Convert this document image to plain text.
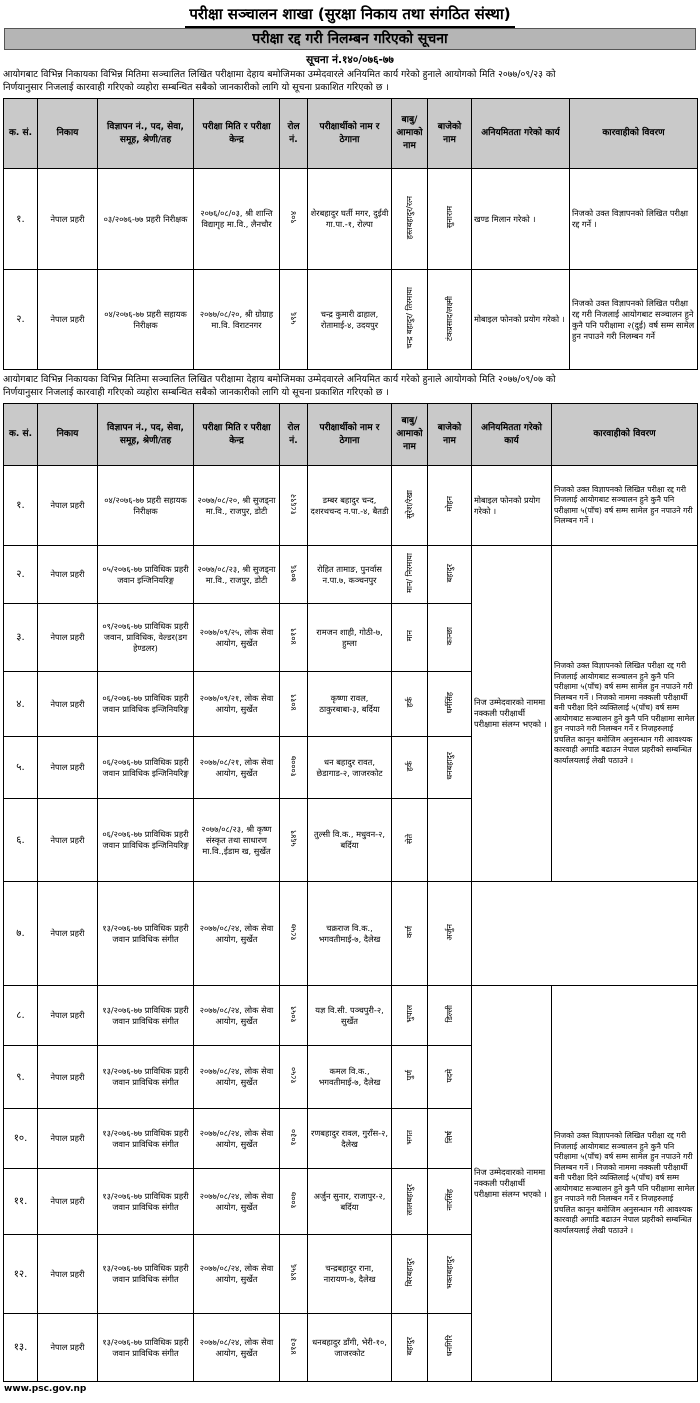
परीक्षा सञ्चालन शाखा (सुरक्षा निकाय तथा संगठित संस्था)
परीक्षा रद्द गरी निलम्बन गरिएको सूचना
सूचना नं.१४०/०७६-७७
आयोगबाट विभिन्न निकायका विभिन्न मितिमा सञ्चालित लिखित परीक्षामा देहाय बमोजिमका उम्मेदवारले अनियमित कार्य गरेको हुनाले आयोगको मिति २०७७/०९/२३ को
निर्णयानुसार निजलाई कारवाही गरिएको व्यहोरा सम्बन्धित सबैको जानकारीको लागि यो सूचना प्रकाशित गरिएको छ ।
क. सं.	निकाय	विज्ञापन नं., पद, सेवा, समूह, श्रेणी/तह	परीक्षा मिति र परीक्षा केन्द्र	रोल नं.	परीक्षार्थीको नाम र ठेगाना	बाबु/ आमाको नाम	बाजेको नाम	अनियमितता गरेको कार्य	कारवाहीको विवरण
१.	नेपाल प्रहरी	०३/२०७६-७७ प्रहरी निरीक्षक	२०७६/०८/०३, श्री शान्ति विद्यागृह मा.वि., लैनचौर	९०४	शेरबहादुर घर्ती मगर, दुईवी गा.पा.-१, रोल्पा	हस्तबहादुर/रत्न	सुनाराम	खण्ड मिलान गरेको ।	निजको उक्त विज्ञापनको लिखित परीक्षा रद्द गर्ने ।
२.	नेपाल प्रहरी	०४/२०७६-७७ प्रहरी सहायक निरीक्षक	२०७७/०८/२०, श्री ग्रोग्राह मा.वि. विराटनगर	५९६	चन्द्र कुमारी ढाहाल, रोतामाई-४, उदयपुर	चन्द्र बहादुर/ तिरमाया	टंकप्रसाद/लक्ष्मी	मोबाइल फोनको प्रयोग गरेको ।	निजको उक्त विज्ञापनको लिखित परीक्षा रद्द गरी निजलाई आयोगबाट सञ्चालन हुने कुनै पनि परीक्षामा २(दुई) वर्ष सम्म सामेल हुन नपाउने गरी निलम्बन गर्ने
आयोगबाट विभिन्न निकायका विभिन्न मितिमा सञ्चालित लिखित परीक्षामा देहाय बमोजिमका उम्मेदवारले अनियमित कार्य गरेको हुनाले आयोगको मिति २०७७/०९/०७ को
निर्णयानुसार निजलाई कारवाही गरिएको व्यहोरा सम्बन्धित सबैको जानकारीको लागि यो सूचना प्रकाशित गरिएको छ ।
क. सं.	निकाय	विज्ञापन नं., पद, सेवा, समूह, श्रेणी/तह	परीक्षा मिति र परीक्षा केन्द्र	रोल नं.	परीक्षार्थीको नाम र ठेगाना	बाबु/ आमाको नाम	बाजेको नाम	अनियमितता गरेको कार्य	कारवाहीको विवरण	
१.	नेपाल प्रहरी	०४/२०७६-७७ प्रहरी सहायक निरीक्षक	२०७७/०८/२०, श्री सुजड्ना मा.वि., राजपुर, डोटी	१८६९२	डम्बर बहादुर चन्द, दशरथचन्द न.पा.-४, बैतडी	सुरेश/रेखा	मोहन	मोबाइल फोनको प्रयोग गरेको ।	निजको उक्त विज्ञापनको लिखित परीक्षा रद्द गरी निजलाई आयोगबाट सञ्चालन हुने कुनै पनि परीक्षामा ५(पाँच) वर्ष सम्म सामेल हुन नपाउने गरी निलम्बन गर्ने ।	
२.	नेपाल प्रहरी	०५/२०७६-७७ प्राविधिक प्रहरी जवान इन्जिनियरिङ्ग	२०७७/०८/२३, श्री सुजड्ना मा.वि., राजपुर, डोटी	७०९६	रोहित तामाङ, पुनर्वास न.पा.७, कञ्चनपुर	मान/ निरमाया	बहादुर	निज उम्मेदवारको नाममा नक्कली परीक्षार्थी परीक्षामा संलग्न भएको ।	निजको उक्त विज्ञापनको लिखित परीक्षा रद्द गरी निजलाई आयोगबाट सञ्चालन हुने कुनै पनि परीक्षामा ५(पाँच) वर्ष सम्म सामेल हुन नपाउने गरी निलम्बन गर्ने । निजको नाममा नक्कली परीक्षार्थी बनी परीक्षा दिने व्यक्तिलाई ५(पाँच) वर्ष सम्म आयोगबाट सञ्चालन हुने कुनै पनि परीक्षामा सामेल हुन नपाउने गरी निलम्बन गर्ने र निजहरुलाई प्रचलित कानून बमोजिम अनुसन्धान गरी आवश्यक कारवाही अगाडि बढाउन नेपाल प्रहरीको सम्बन्धित कार्यालयलाई लेखी पठाउने ।	
३.	नेपाल प्रहरी	०९/२०७६-७७ प्राविधिक प्रहरी जवान, प्राविधिक, वेल्डर(डग हेण्डलर)	२०७७/०९/२५, लोक सेवा आयोग, सुर्खेत	४०१९	रामजन शाही, गोठी-७, हुम्ला	मान	कान्छा			
४.	नेपाल प्रहरी	०६/२०७६-७७ प्राविधिक प्रहरी जवान प्राविधिक इन्जिनियरिङ्ग	२०७७/०९/२१, लोक सेवा आयोग, सुर्खेत	४०१९	कृष्णा रावल, ठाकुरबाबा-३, बर्दिया	हर्क	धर्मसिंह			
५.	नेपाल प्रहरी	०६/२०७६-७७ प्राविधिक प्रहरी जवान प्राविधिक इन्जिनियरिङ्ग	२०७७/०८/२१, लोक सेवा आयोग, सुर्खेत	१०००७	धन बहादुर रावत, छेडागाड-२, जाजरकोट	हर्क	धनबहादुर			
६.	नेपाल प्रहरी	०६/२०७६-७७ प्राविधिक प्रहरी जवान प्राविधिक इन्जिनियरिङ्ग	२०७७/०८/२३, श्री कृष्ण संस्कृत तथा साधारण मा.वि.,ईडाम ख, सुर्खेत	५६४९	तुल्सी वि.क., मधुवन-२, बर्दिया	सेते			
७.	नेपाल प्रहरी	१३/२०७६-७७ प्राविधिक प्रहरी जवान प्राविधिक संगीत	२०७७/०८/२४, लोक सेवा आयोग, सुर्खेत	१८५७	चक्रराज वि.क., भगवतीमाई-७, दैलेख	कर्ण	अर्जुन			
८.	नेपाल प्रहरी	१३/२०७६-७७ प्राविधिक प्रहरी जवान प्राविधिक संगीत	२०७७/०८/२४, लोक सेवा आयोग, सुर्खेत	१०५९	यज्ञ वि.सी. पञ्चपुरी-२, सुर्खेत	भुपाल	डिल्ली	निज उम्मेदवारको नाममा नक्कली परीक्षार्थी परीक्षामा संलग्न भएको ।	निजको उक्त विज्ञापनको लिखित परीक्षा रद्द गरी निजलाई आयोगबाट सञ्चालन हुने कुनै पनि परीक्षामा ५(पाँच) वर्ष सम्म सामेल हुन नपाउने गरी निलम्बन गर्ने । निजको नाममा नक्कली परीक्षार्थी बनी परीक्षा दिने व्यक्तिलाई ५(पाँच) वर्ष सम्म आयोगबाट सञ्चालन हुने कुनै पनि परीक्षामा सामेल हुन नपाउने गरी निलम्बन गर्ने र निजहरुलाई प्रचलित कानून बमोजिम अनुसन्धान गरी आवश्यक कारवाही अगाडि बढाउन नेपाल प्रहरीको सम्बन्धित कार्यालयलाई लेखी पठाउने ।	
९.	नेपाल प्रहरी	१३/२०७६-७७ प्राविधिक प्रहरी जवान प्राविधिक संगीत	२०७७/०८/२४, लोक सेवा आयोग, सुर्खेत	१८५०	कमल वि.क., भगवतीमाई-७, दैलेख	पुर्ण	पदमे			
१०.	नेपाल प्रहरी	१३/२०७६-७७ प्राविधिक प्रहरी जवान प्राविधिक संगीत	२०७७/०८/२४, लोक सेवा आयोग, सुर्खेत	१०३०	रणबहादुर रावल, गुराँस-२, दैलेख	भगत	सिर्ष			
११.	नेपाल प्रहरी	१३/२०७६-७७ प्राविधिक प्रहरी जवान प्राविधिक संगीत	२०७७/०८/२४, लोक सेवा आयोग, सुर्खेत	१००७	अर्जुन सुनार, राजापुर-२, बर्दिया	लालबहादुर	नारसिंह			
१२.	नेपाल प्रहरी	१३/२०७६-७७ प्राविधिक प्रहरी जवान प्राविधिक संगीत	२०७७/०८/२४, लोक सेवा आयोग, सुर्खेत	४९५६	चन्द्रबहादुर राना, नारायण-७, दैलेख	बिरबहादुर	भक्तबहादुर			
१३.	नेपाल प्रहरी	१३/२०७६-७७ प्राविधिक प्रहरी जवान प्राविधिक संगीत	२०७७/०८/२४, लोक सेवा आयोग, सुर्खेत	४१०३	धनबहादुर डाँगी, भेरी-१०, जाजरकोट	बहादुर	धनगिरि			
www.psc.gov.np
